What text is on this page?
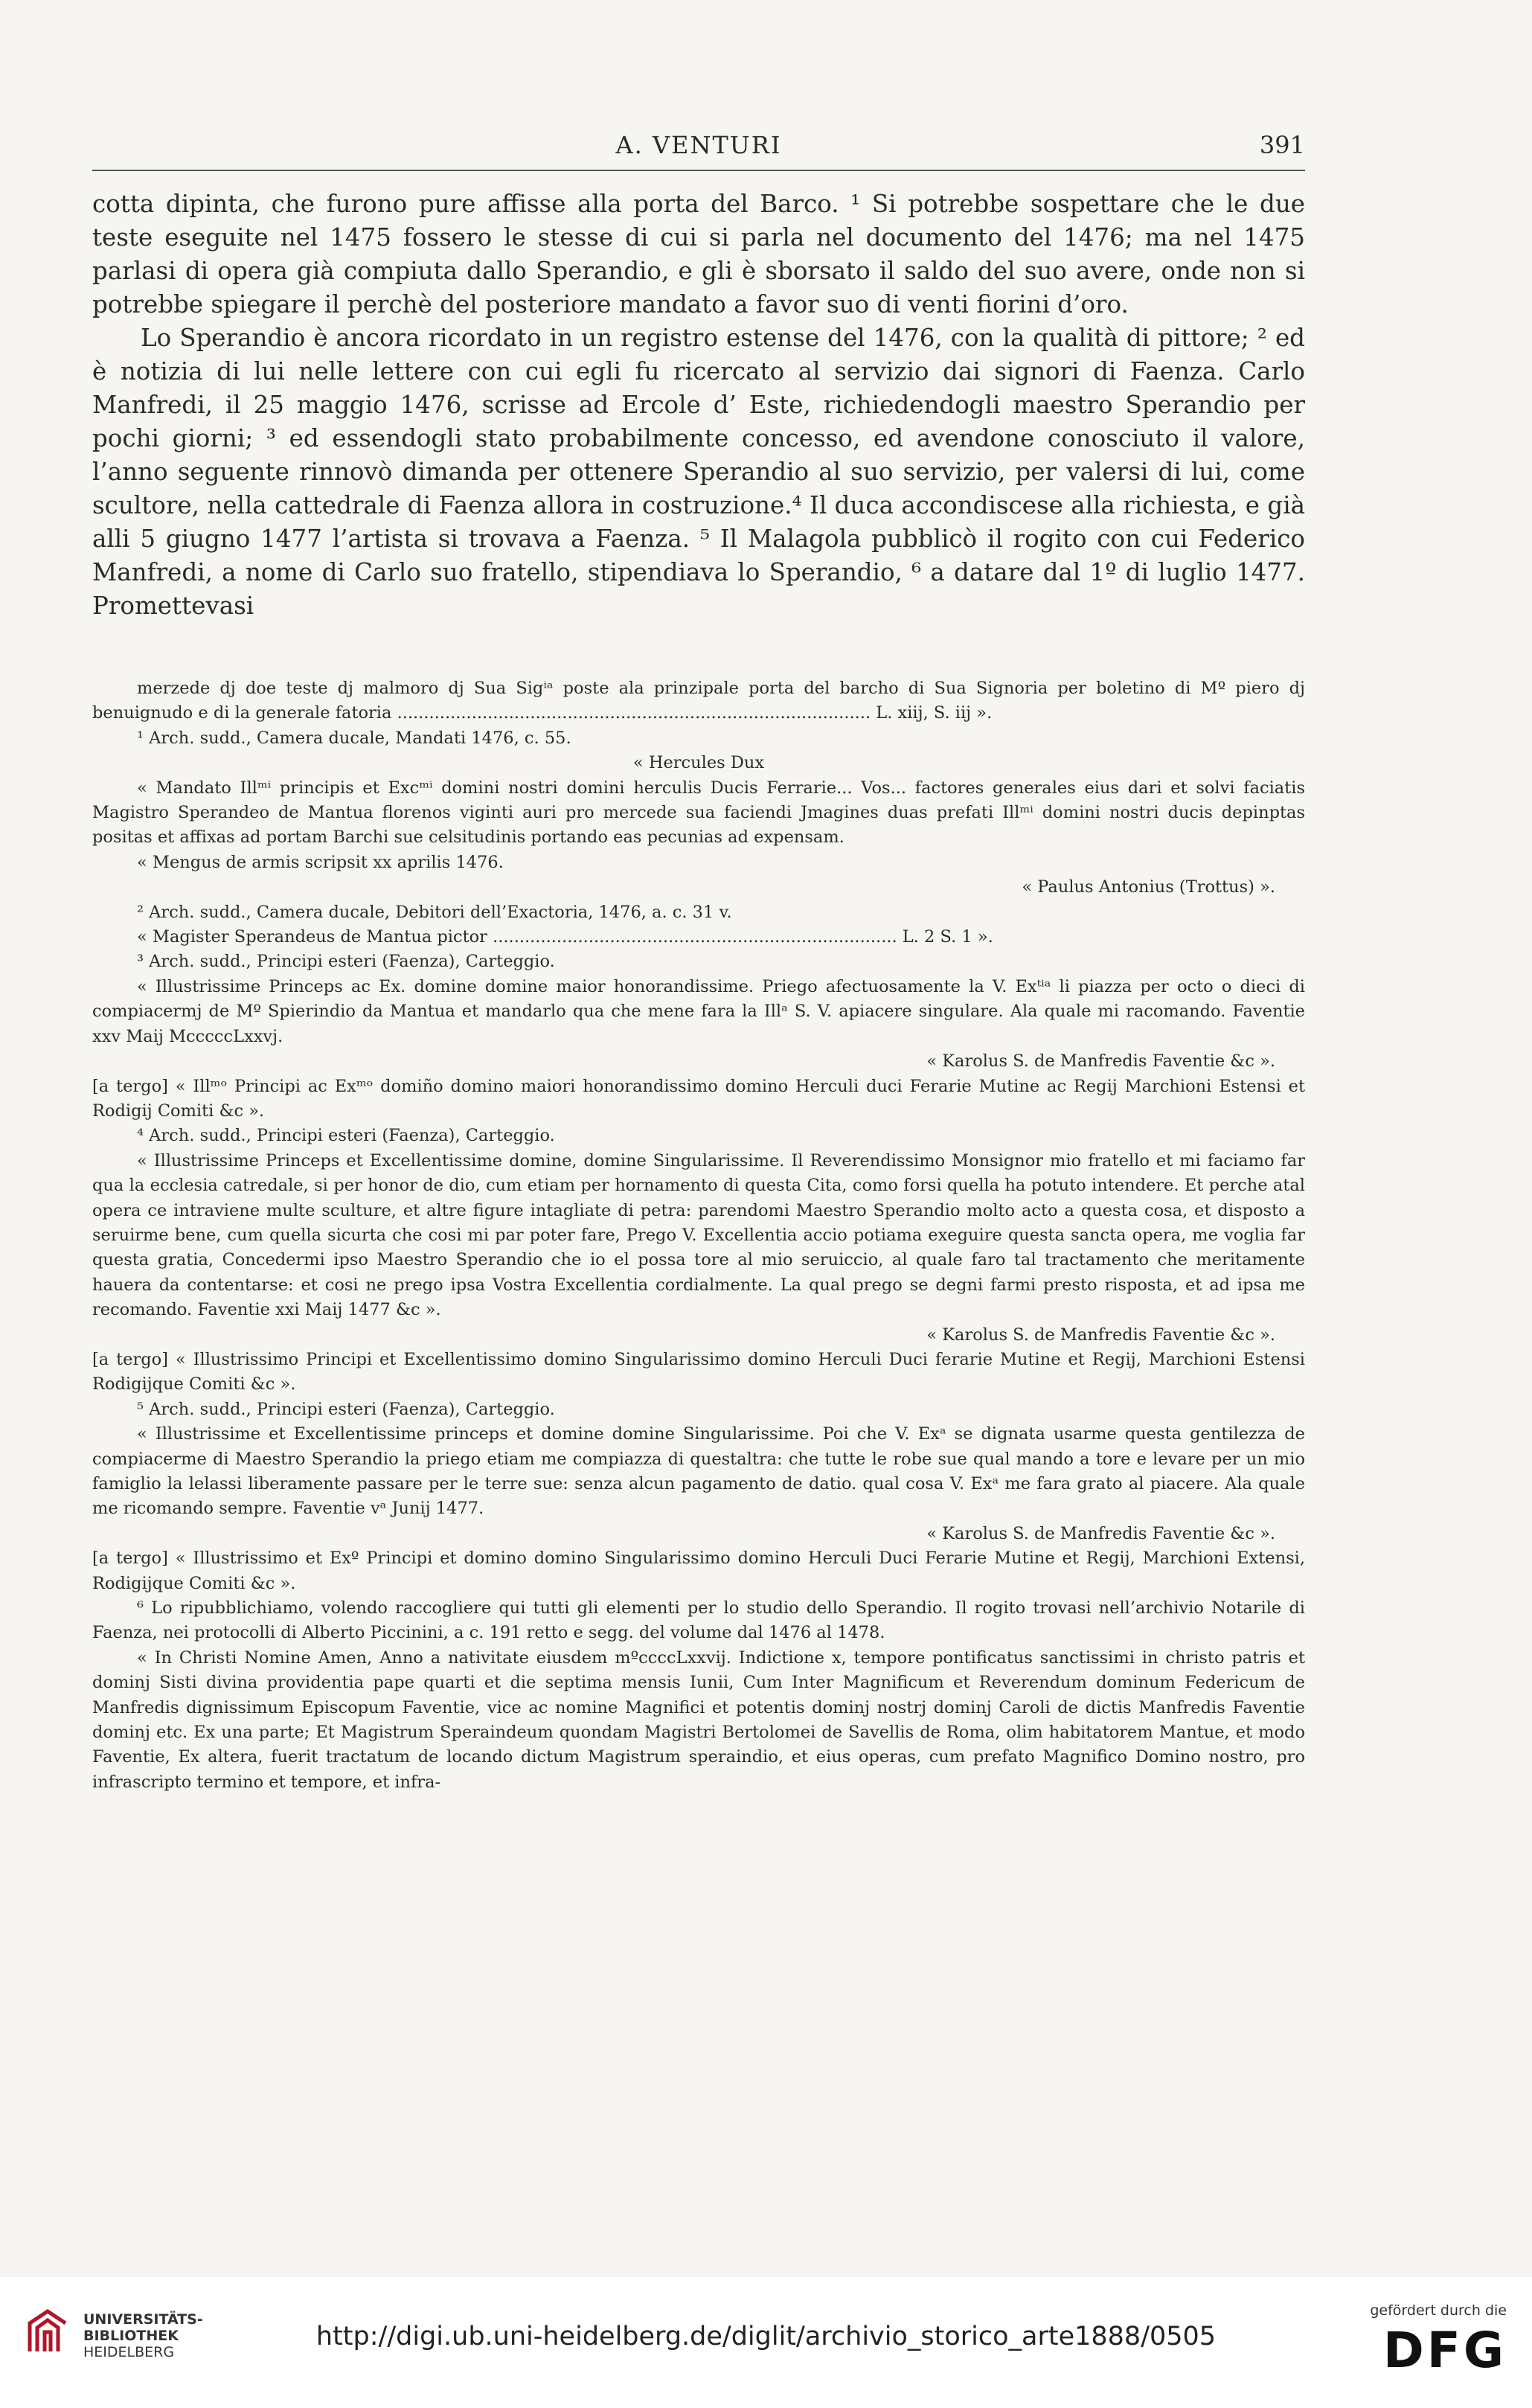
A. VENTURI	391

cotta dipinta, che furono pure affisse alla porta del Barco. ¹ Si potrebbe sospettare che le due teste eseguite nel 1475 fossero le stesse di cui si parla nel documento del 1476; ma nel 1475 parlasi di opera già compiuta dallo Sperandio, e gli è sborsato il saldo del suo avere, onde non si potrebbe spiegare il perchè del posteriore mandato a favor suo di venti fiorini d’oro.

Lo Sperandio è ancora ricordato in un registro estense del 1476, con la qualità di pittore; ² ed è notizia di lui nelle lettere con cui egli fu ricercato al servizio dai signori di Faenza. Carlo Manfredi, il 25 maggio 1476, scrisse ad Ercole d’ Este, richiedendogli maestro Sperandio per pochi giorni; ³ ed essendogli stato probabilmente concesso, ed avendone conosciuto il valore, l’anno seguente rinnovò dimanda per ottenere Sperandio al suo servizio, per valersi di lui, come scultore, nella cattedrale di Faenza allora in costruzione.⁴ Il duca accondiscese alla richiesta, e già alli 5 giugno 1477 l’artista si trovava a Faenza. ⁵ Il Malagola pubblicò il rogito con cui Federico Manfredi, a nome di Carlo suo fratello, stipendiava lo Sperandio, ⁶ a datare dal 1º di luglio 1477. Promettevasi

merzede dj doe teste dj malmoro dj Sua Sigⁱᵃ poste ala prinzipale porta del barcho di Sua Signoria per boletino di Mº piero dj benuignudo e di la generale fatoria ......................................................................................... L. xiij, S. iij ».

¹ Arch. sudd., Camera ducale, Mandati 1476, c. 55.

« Hercules Dux

« Mandato Illᵐⁱ principis et Excᵐⁱ domini nostri domini herculis Ducis Ferrarie... Vos... factores generales eius dari et solvi faciatis Magistro Sperandeo de Mantua florenos viginti auri pro mercede sua faciendi Jmagines duas prefati Illᵐⁱ domini nostri ducis depinptas positas et affixas ad portam Barchi sue celsitudinis portando eas pecunias ad expensam.

« Mengus de armis scripsit xx aprilis 1476.

« Paulus Antonius (Trottus) ».

² Arch. sudd., Camera ducale, Debitori dell’Exactoria, 1476, a. c. 31 v.

« Magister Sperandeus de Mantua pictor ............................................................................ L. 2 S. 1 ».

³ Arch. sudd., Principi esteri (Faenza), Carteggio.

« Illustrissime Princeps ac Ex. domine domine maior honorandissime. Priego afectuosamente la V. Exᵗⁱᵃ li piazza per octo o dieci di compiacermj de Mº Spierindio da Mantua et mandarlo qua che mene fara la Illᵃ S. V. apiacere singulare. Ala quale mi racomando. Faventie xxv Maij McccccLxxvj.

« Karolus S. de Manfredis Faventie &c ».

[a tergo] « Illᵐᵒ Principi ac Exᵐᵒ domiño domino maiori honorandissimo domino Herculi duci Ferarie Mutine ac Regij Marchioni Estensi et Rodigij Comiti &c ».

⁴ Arch. sudd., Principi esteri (Faenza), Carteggio.

« Illustrissime Princeps et Excellentissime domine, domine Singularissime. Il Reverendissimo Monsignor mio fratello et mi faciamo far qua la ecclesia catredale, si per honor de dio, cum etiam per hornamento di questa Cita, como forsi quella ha potuto intendere. Et perche atal opera ce intraviene multe sculture, et altre figure intagliate di petra: parendomi Maestro Sperandio molto acto a questa cosa, et disposto a seruirme bene, cum quella sicurta che cosi mi par poter fare, Prego V. Excellentia accio potiama exeguire questa sancta opera, me voglia far questa gratia, Concedermi ipso Maestro Sperandio che io el possa tore al mio seruiccio, al quale faro tal tractamento che meritamente hauera da contentarse: et cosi ne prego ipsa Vostra Excellentia cordialmente. La qual prego se degni farmi presto risposta, et ad ipsa me recomando. Faventie xxi Maij 1477 &c ».

« Karolus S. de Manfredis Faventie &c ».

[a tergo] « Illustrissimo Principi et Excellentissimo domino Singularissimo domino Herculi Duci ferarie Mutine et Regij, Marchioni Estensi Rodigijque Comiti &c ».

⁵ Arch. sudd., Principi esteri (Faenza), Carteggio.

« Illustrissime et Excellentissime princeps et domine domine Singularissime. Poi che V. Exᵃ se dignata usarme questa gentilezza de compiacerme di Maestro Sperandio la priego etiam me compiazza di questaltra: che tutte le robe sue qual mando a tore e levare per un mio famiglio la lelassi liberamente passare per le terre sue: senza alcun pagamento de datio. qual cosa V. Exᵃ me fara grato al piacere. Ala quale me ricomando sempre. Faventie vᵃ Junij 1477.

« Karolus S. de Manfredis Faventie &c ».

[a tergo] « Illustrissimo et Exº Principi et domino domino Singularissimo domino Herculi Duci Ferarie Mutine et Regij, Marchioni Extensi, Rodigijque Comiti &c ».

⁶ Lo ripubblichiamo, volendo raccogliere qui tutti gli elementi per lo studio dello Sperandio. Il rogito trovasi nell’archivio Notarile di Faenza, nei protocolli di Alberto Piccinini, a c. 191 retto e segg. del volume dal 1476 al 1478.

« In Christi Nomine Amen, Anno a nativitate eiusdem mºccccLxxvij. Indictione x, tempore pontificatus sanctissimi in christo patris et dominj Sisti divina providentia pape quarti et die septima mensis Iunii, Cum Inter Magnificum et Reverendum dominum Federicum de Manfredis dignissimum Episcopum Faventie, vice ac nomine Magnifici et potentis dominj nostrj dominj Caroli de dictis Manfredis Faventie dominj etc. Ex una parte; Et Magistrum Speraindeum quondam Magistri Bertolomei de Savellis de Roma, olim habitatorem Mantue, et modo Faventie, Ex altera, fuerit tractatum de locando dictum Magistrum speraindio, et eius operas, cum prefato Magnifico Domino nostro, pro infrascripto termino et tempore, et infra-

UNIVERSITÄTS-
BIBLIOTHEK
HEIDELBERG
http://digi.ub.uni-heidelberg.de/diglit/archivio_storico_arte1888/0505
gefördert durch die
DFG
